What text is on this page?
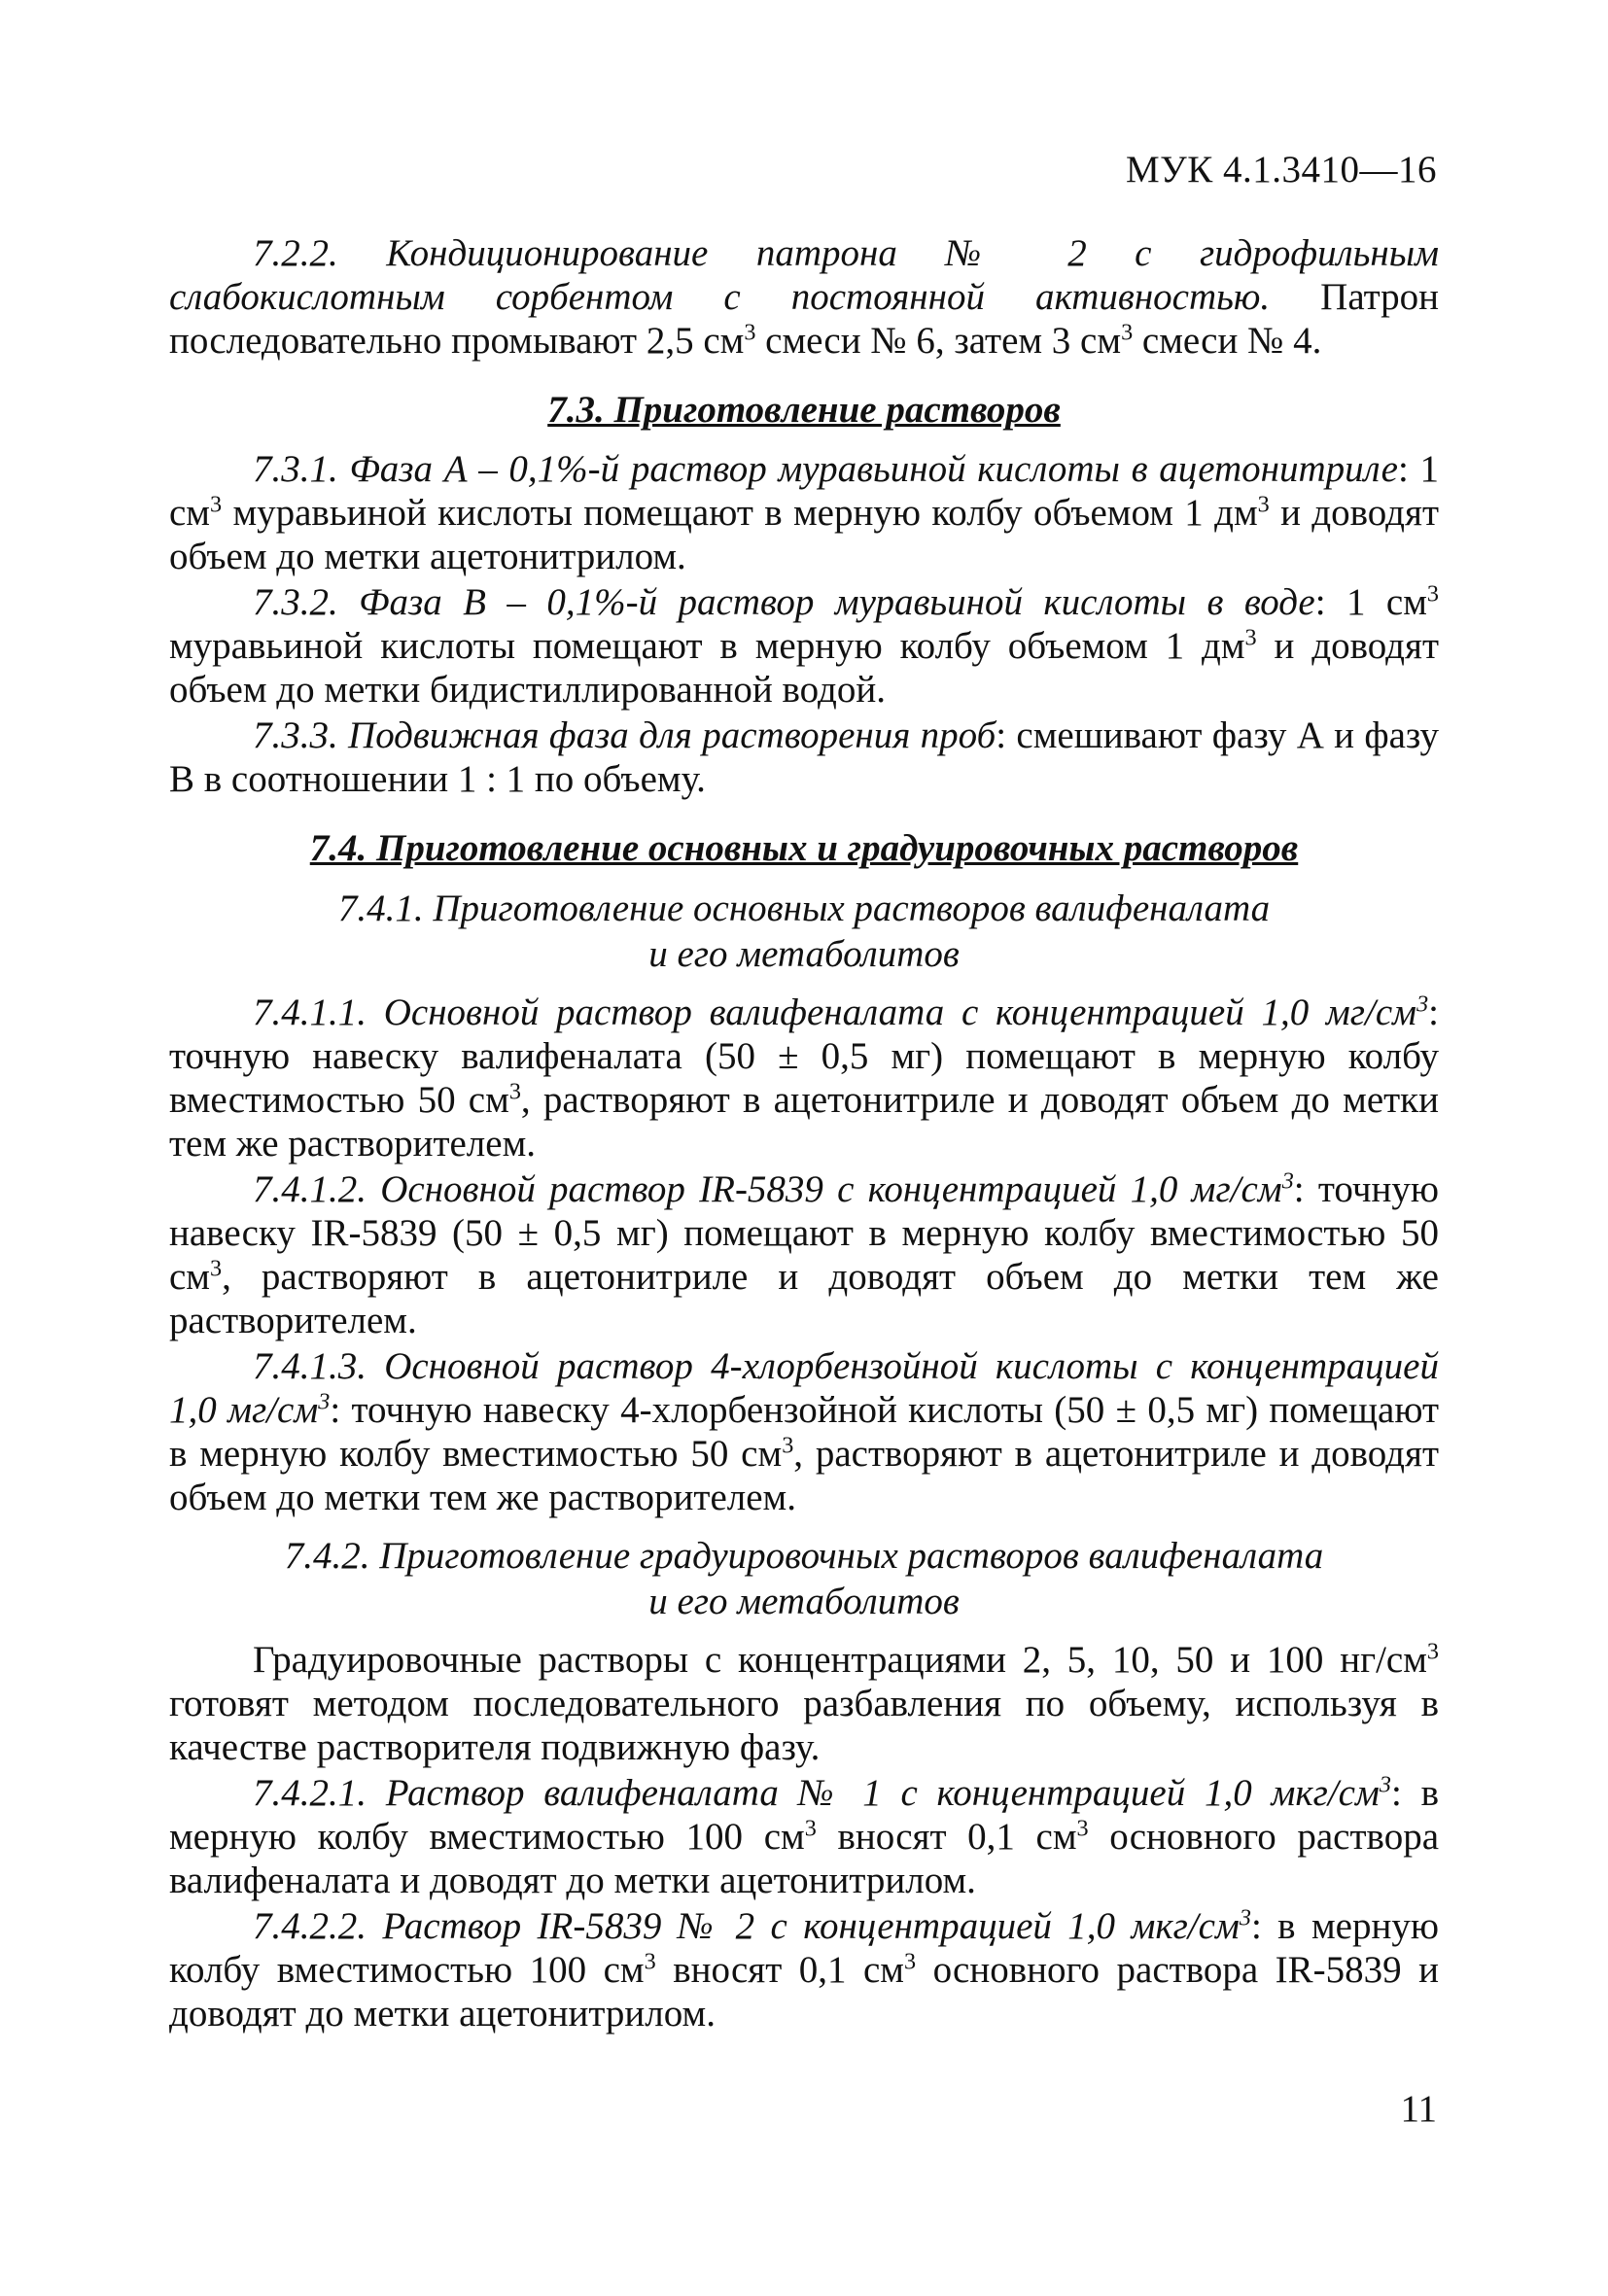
МУК 4.1.3410—16

7.2.2. Кондиционирование патрона № 2 с гидрофильным слабокислотным сорбентом с постоянной активностью. Патрон последовательно промывают 2,5 $см^3$ смеси № 6, затем 3 $см^3$ смеси № 4.

7.3. Приготовление растворов

7.3.1. Фаза А – 0,1%-й раствор муравьиной кислоты в ацетонитриле: 1 $см^3$ муравьиной кислоты помещают в мерную колбу объемом 1 $дм^3$ и доводят объем до метки ацетонитрилом.

7.3.2. Фаза В – 0,1%-й раствор муравьиной кислоты в воде: 1 $см^3$ муравьиной кислоты помещают в мерную колбу объемом 1 $дм^3$ и доводят объем до метки бидистиллированной водой.

7.3.3. Подвижная фаза для растворения проб: смешивают фазу А и фазу В в соотношении 1 : 1 по объему.

7.4. Приготовление основных и градуировочных растворов
7.4.1. Приготовление основных растворов валифеналата
и его метаболитов

7.4.1.1. Основной раствор валифеналата с концентрацией 1,0 $мг/см^3$: точную навеску валифеналата (50 ± 0,5 мг) помещают в мерную колбу вместимостью 50 $см^3$, растворяют в ацетонитриле и доводят объем до метки тем же растворителем.

7.4.1.2. Основной раствор IR-5839 с концентрацией 1,0 $мг/см^3$: точную навеску IR-5839 (50 ± 0,5 мг) помещают в мерную колбу вместимостью 50 $см^3$, растворяют в ацетонитриле и доводят объем до метки тем же растворителем.

7.4.1.3. Основной раствор 4-хлорбензойной кислоты с концентрацией 1,0 $мг/см^3$: точную навеску 4-хлорбензойной кислоты (50 ± 0,5 мг) помещают в мерную колбу вместимостью 50 $см^3$, растворяют в ацетонитриле и доводят объем до метки тем же растворителем.

7.4.2. Приготовление градуировочных растворов валифеналата
и его метаболитов

Градуировочные растворы с концентрациями 2, 5, 10, 50 и 100 $нг/см^3$ готовят методом последовательного разбавления по объему, используя в качестве растворителя подвижную фазу.

7.4.2.1. Раствор валифеналата № 1 с концентрацией 1,0 мкг/$см^3$: в мерную колбу вместимостью 100 $см^3$ вносят 0,1 $см^3$ основного раствора валифеналата и доводят до метки ацетонитрилом.

7.4.2.2. Раствор IR-5839 № 2 с концентрацией 1,0 мкг/$см^3$: в мерную колбу вместимостью 100 $см^3$ вносят 0,1 $см^3$ основного раствора IR-5839 и доводят до метки ацетонитрилом.

11
